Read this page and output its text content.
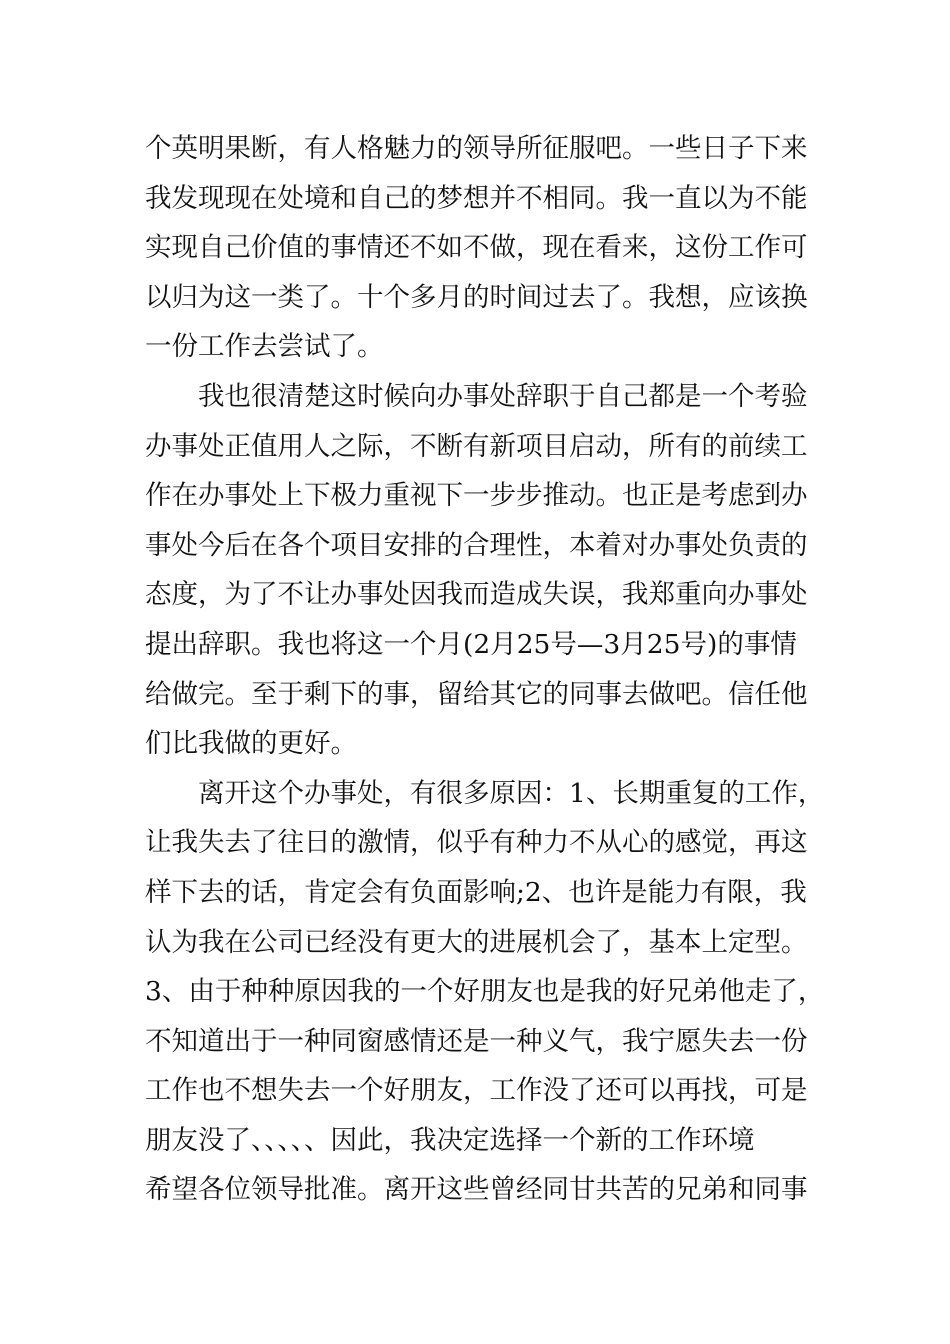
个英明果断，有人格魅力的领导所征服吧。一些日子下来
我发现现在处境和自己的梦想并不相同。我一直以为不能
实现自己价值的事情还不如不做，现在看来，这份工作可
以归为这一类了。十个多月的时间过去了。我想，应该换
一份工作去尝试了。
　　我也很清楚这时候向办事处辞职于自己都是一个考验
办事处正值用人之际，不断有新项目启动，所有的前续工
作在办事处上下极力重视下一步步推动。也正是考虑到办
事处今后在各个项目安排的合理性，本着对办事处负责的
态度，为了不让办事处因我而造成失误，我郑重向办事处
提出辞职。我也将这一个月(2月25号—3月25号)的事情
给做完。至于剩下的事，留给其它的同事去做吧。信任他
们比我做的更好。
　　离开这个办事处，有很多原因：1、长期重复的工作，
让我失去了往日的激情，似乎有种力不从心的感觉，再这
样下去的话，肯定会有负面影响;2、也许是能力有限，我
认为我在公司已经没有更大的进展机会了，基本上定型。
3、由于种种原因我的一个好朋友也是我的好兄弟他走了，
不知道出于一种同窗感情还是一种义气，我宁愿失去一份
工作也不想失去一个好朋友，工作没了还可以再找，可是
朋友没了、、、、、因此，我决定选择一个新的工作环境
希望各位领导批准。离开这些曾经同甘共苦的兄弟和同事
